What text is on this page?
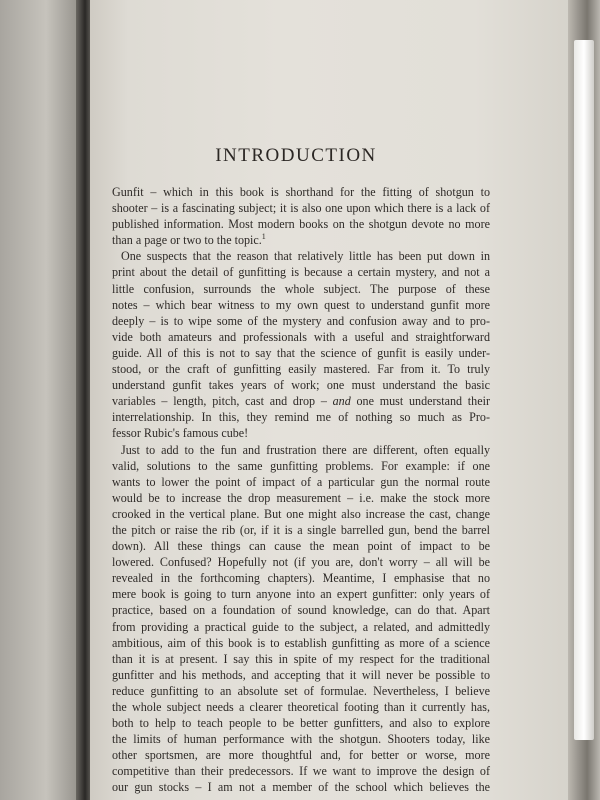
INTRODUCTION
Gunfit – which in this book is shorthand for the fitting of shotgun to
shooter – is a fascinating subject; it is also one upon which there is a lack of
published information. Most modern books on the shotgun devote no more
than a page or two to the topic.$^1$
One suspects that the reason that relatively little has been put down in
print about the detail of gunfitting is because a certain mystery, and not a
little confusion, surrounds the whole subject. The purpose of these
notes – which bear witness to my own quest to understand gunfit more
deeply – is to wipe some of the mystery and confusion away and to pro-
vide both amateurs and professionals with a useful and straightforward
guide. All of this is not to say that the science of gunfit is easily under-
stood, or the craft of gunfitting easily mastered. Far from it. To truly
understand gunfit takes years of work; one must understand the basic
variables – length, pitch, cast and drop – and one must understand their
interrelationship. In this, they remind me of nothing so much as Pro-
fessor Rubic's famous cube!
Just to add to the fun and frustration there are different, often equally
valid, solutions to the same gunfitting problems. For example: if one
wants to lower the point of impact of a particular gun the normal route
would be to increase the drop measurement – i.e. make the stock more
crooked in the vertical plane. But one might also increase the cast, change
the pitch or raise the rib (or, if it is a single barrelled gun, bend the barrel
down). All these things can cause the mean point of impact to be
lowered. Confused? Hopefully not (if you are, don't worry – all will be
revealed in the forthcoming chapters). Meantime, I emphasise that no
mere book is going to turn anyone into an expert gunfitter: only years of
practice, based on a foundation of sound knowledge, can do that. Apart
from providing a practical guide to the subject, a related, and admittedly
ambitious, aim of this book is to establish gunfitting as more of a science
than it is at present. I say this in spite of my respect for the traditional
gunfitter and his methods, and accepting that it will never be possible to
reduce gunfitting to an absolute set of formulae. Nevertheless, I believe
the whole subject needs a clearer theoretical footing than it currently has,
both to help to teach people to be better gunfitters, and also to explore
the limits of human performance with the shotgun. Shooters today, like
other sportsmen, are more thoughtful and, for better or worse, more
competitive than their predecessors. If we want to improve the design of
our gun stocks – I am not a member of the school which believes the
